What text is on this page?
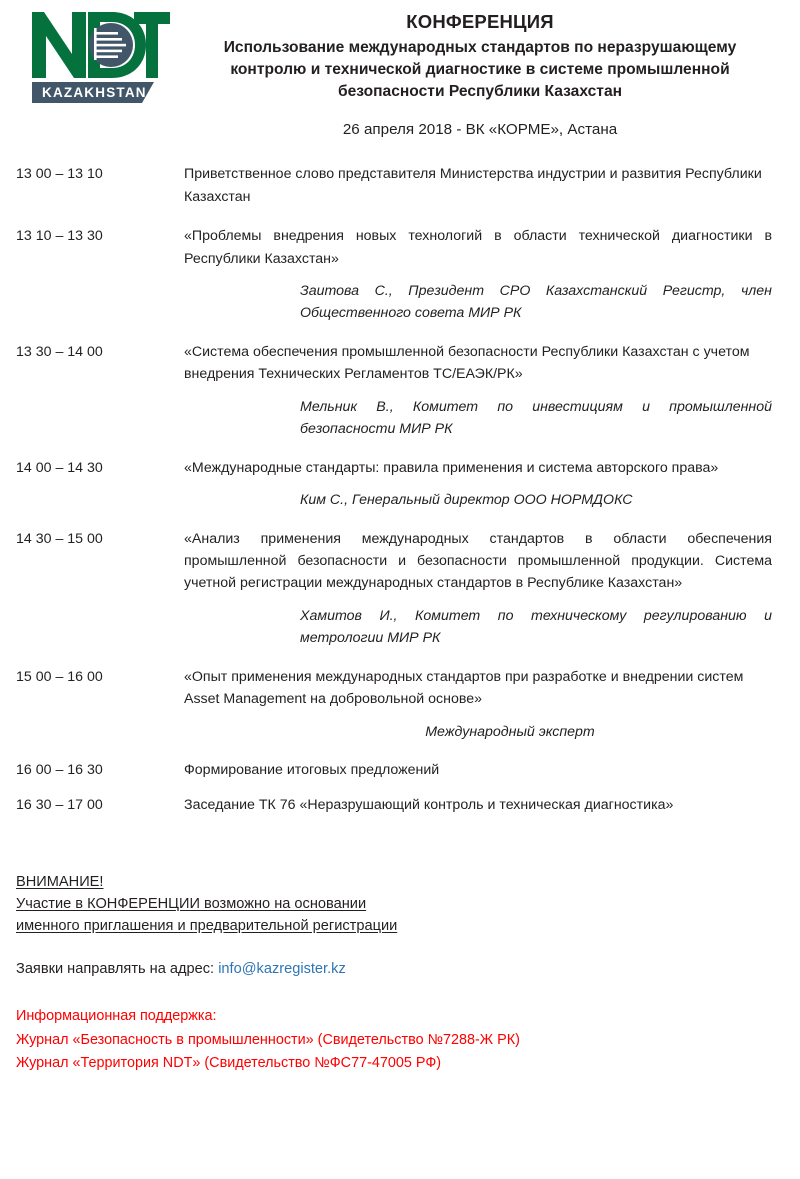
KAZAKHSTAN
КОНФЕРЕНЦИЯ
Использование международных стандартов по неразрушающему контролю и технической диагностике в системе промышленной безопасности Республики Казахстан
26 апреля 2018 - ВК «КОРМЕ», Астана
13 00 – 13 10	Приветственное слово представителя Министерства индустрии и развития Республики Казахстан
13 10 – 13 30	«Проблемы внедрения новых технологий в области технической диагностики в Республики Казахстан»
Заитова С., Президент СРО Казахстанский Регистр, член Общественного совета МИР РК
13 30 – 14 00	«Система обеспечения промышленной безопасности Республики Казахстан с учетом внедрения Технических Регламентов ТС/ЕАЭК/РК»
Мельник В., Комитет по инвестициям и промышленной безопасности МИР РК
14 00 – 14 30	«Международные стандарты: правила применения и система авторского права»
Ким С., Генеральный директор ООО НОРМДОКС
14 30 – 15 00	«Анализ применения международных стандартов в области обеспечения промышленной безопасности и безопасности промышленной продукции. Система учетной регистрации международных стандартов в Республике Казахстан»
Хамитов И., Комитет по техническому регулированию и метрологии МИР РК
15 00 – 16 00	«Опыт применения международных стандартов при разработке и внедрении систем Asset Management на добровольной основе»
Международный эксперт
16 00 – 16 30	Формирование итоговых предложений
16 30 – 17 00	Заседание ТК 76 «Неразрушающий контроль и техническая диагностика»
ВНИМАНИЕ!
Участие в КОНФЕРЕНЦИИ возможно на основании
именного приглашения и предварительной регистрации
Заявки направлять на адрес: info@kazregister.kz
Информационная поддержка:
Журнал «Безопасность в промышленности» (Свидетельство №7288-Ж РК)
Журнал «Территория NDT» (Свидетельство №ФС77-47005 РФ)
